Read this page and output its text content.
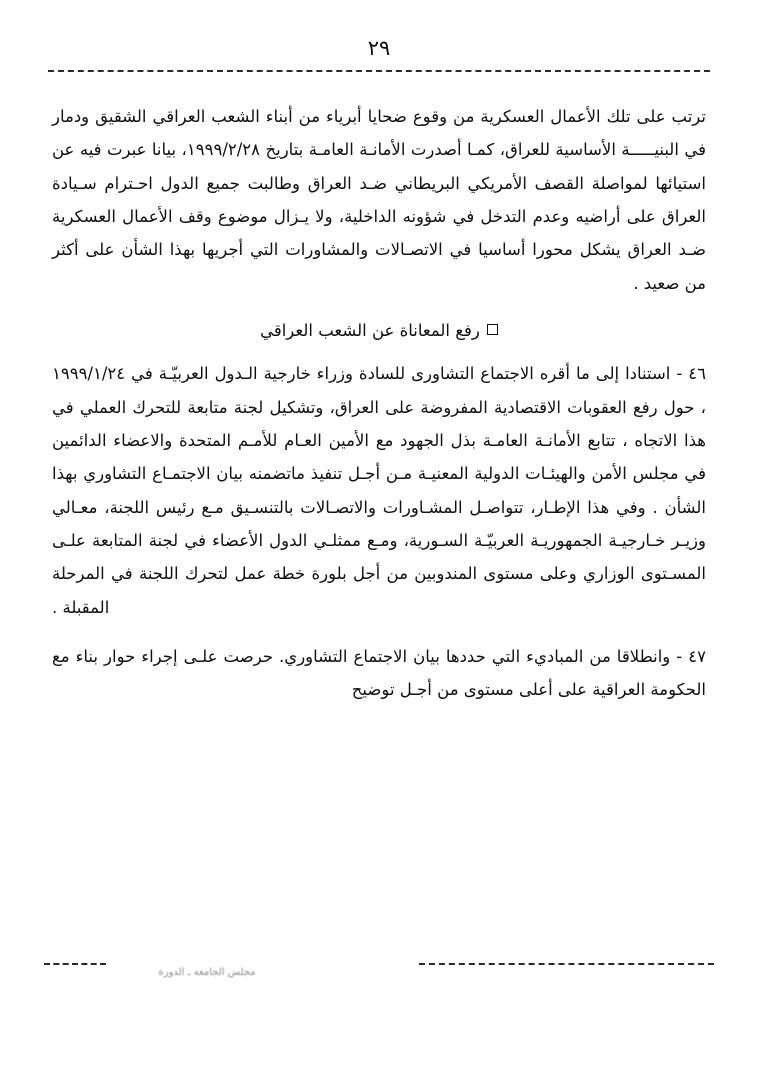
٢٩

ترتب على تلك الأعمال العسكرية من وقوع ضحايا أبرياء من أبناء الشعب العراقي الشقيق ودمار في البنيـــــة الأساسية للعراق، كمـا أصدرت الأمانـة العامـة بتاريخ ١٩٩٩/٢/٢٨، بيانا عبرت فيه عن استيائها لمواصلة القصف الأمريكي البريطاني ضـد العراق وطالبت جميع الدول احـترام سـيادة العراق على أراضيه وعدم التدخل في شؤونه الداخلية، ولا يـزال موضوع وقف الأعمال العسكرية ضـد العراق يشكل محورا أساسيا في الاتصـالات والمشاورات التي أجريها بهذا الشأن على أكثر من صعيد .

رفع المعاناة عن الشعب العراقي

٤٦ - استنادا إلى ما أقره الاجتماع التشاورى للسادة وزراء خارجية الـدول العربيّـة في ١٩٩٩/١/٢٤ ، حول رفع العقوبات الاقتصادية المفروضة على العراق، وتشكيل لجنة متابعة للتحرك العملي في هذا الاتجاه ، تتابع الأمانـة العامـة بذل الجهود مع الأمين العـام للأمـم المتحدة والاعضاء الدائمين في مجلس الأمن والهيئـات الدولية المعنيـة مـن أجـل تنفيذ ماتضمنه بيان الاجتمـاع التشاوري بهذا الشأن . وفي هذا الإطـار، تتواصـل المشـاورات والاتصـالات بالتنسـيق مـع رئيس اللجنة، معـالي وزيـر خـارجيـة الجمهوريـة العربيّـة السـورية، ومـع ممثلـي الدول الأعضاء في لجنة المتابعة علـى المسـتوى الوزاري وعلى مستوى المندوبين من أجل بلورة خطة عمل لتحرك اللجنة في المرحلة المقبلة .

٤٧ - وانطلاقا من المباديء التي حددها بيان الاجتماع التشاوري. حرصت علـى إجراء حوار بناء مع الحكومة العراقية على أعلى مستوى من أجـل توضيح

مجلس الجامعة ـ الدورة
